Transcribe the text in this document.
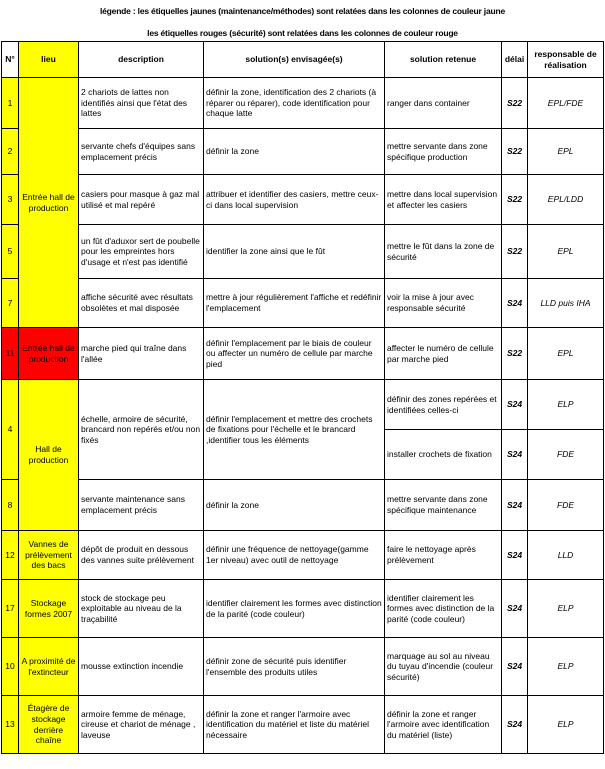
légende : les étiquelles jaunes (maintenance/méthodes) sont relatées dans les colonnes de couleur jaune
les étiquelles rouges (sécurité) sont relatées dans les colonnes de couleur rouge
N°	lieu	description	solution(s) envisagée(s)	solution retenue	délai	responsable de réalisation
1	Entrée hall de production	2 chariots de lattes non identifiés ainsi que l'état des lattes	définir la zone, identification des 2 chariots (à réparer ou réparer), code identification pour chaque latte	ranger dans container	S22	EPL/FDE
2		servante chefs d'équipes sans emplacement précis	définir la zone	mettre servante dans zone spécifique production	S22	EPL
3		casiers pour masque à gaz mal utilisé et mal repéré	attribuer et identifier des casiers, mettre ceux-ci dans local supervision	mettre dans local supervision et affecter les casiers	S22	EPL/LDD
5		un fût d'aduxor sert de poubelle pour les empreintes hors d'usage et n'est pas identifié	identifier la zone ainsi que le fût	mettre le fût dans la zone de sécurité	S22	EPL
7		affiche sécurité avec résultats obsolètes et mal disposée	mettre à jour régulièrement l'affiche et redéfinir l'emplacement	voir la mise à jour avec responsable sécurité	S24	LLD puis IHA
11	Entrée hall de production	marche pied qui traîne dans l'allée	définir l'emplacement par le biais de couleur ou affecter un numéro de cellule par marche pied	affecter le numéro de cellule par marche pied	S22	EPL
4	Hall de production	échelle, armoire de sécurité, brancard non repérés et/ou non fixés	définir l'emplacement et mettre des crochets de fixations pour l'échelle et le brancard ,identifier tous les éléments	définir des zones repérées et identifiées celles-ci	S24	ELP
				installer crochets de fixation	S24	FDE
8		servante maintenance sans emplacement précis	définir la zone	mettre servante dans zone spécifique maintenance	S24	FDE
12	Vannes de prélèvement des bacs	dépôt de produit en dessous des vannes suite prélèvement	définir une fréquence de nettoyage(gamme 1er niveau) avec outil de nettoyage	faire le nettoyage après prélèvement	S24	LLD
17	Stockage formes 2007	stock de stockage peu exploitable au niveau de la traçabilité	identifier clairement les formes avec distinction de la parité (code couleur)	identifier clairement les formes avec distinction de la parité (code couleur)	S24	ELP
10	A proximité de l'extincteur	mousse extinction incendie	définir zone de sécurité puis identifier l'ensemble des produits utiles	marquage au sol au niveau du tuyau d'incendie (couleur sécurité)	S24	ELP
13	Étagère de stockage derrière chaîne	armoire femme de ménage, cireuse et chariot de ménage , laveuse	définir la zone et ranger l'armoire avec identification du matériel et liste du matériel nécessaire	définir la zone et ranger l'armoire avec identification du matériel (liste)	S24	ELP
